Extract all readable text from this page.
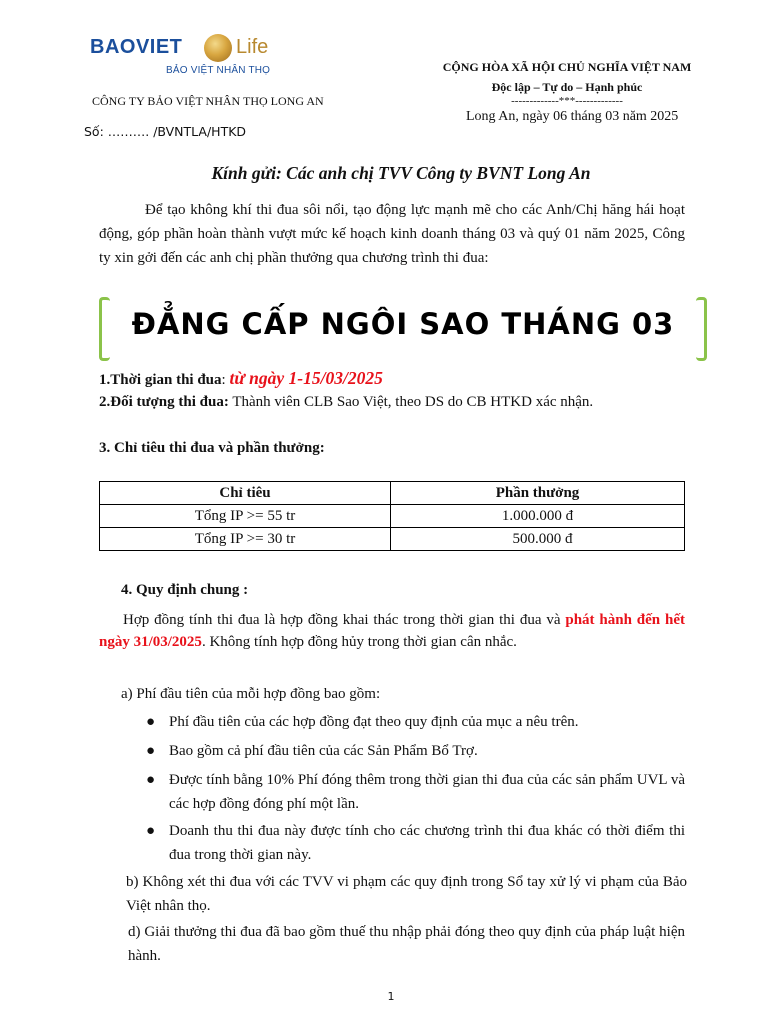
BAOVIET	Life
BẢO VIỆT NHÂN THỌ
CÔNG TY BẢO VIỆT NHÂN THỌ LONG AN
Số: ………. /BVNTLA/HTKD
CỘNG HÒA XÃ HỘI CHỦ NGHĨA VIỆT NAM
Độc lập – Tự do – Hạnh phúc
-------------***-------------
Long An, ngày 06 tháng 03 năm 2025
Kính gửi: Các anh chị TVV Công ty BVNT Long An
Để tạo không khí thi đua sôi nổi, tạo động lực mạnh mẽ cho các Anh/Chị hăng hái hoạt động, góp phần hoàn thành vượt mức kế hoạch kinh doanh tháng 03 và quý 01 năm 2025, Công ty xin gởi đến các anh chị phần thưởng qua chương trình thi đua:
ĐẲNG CẤP NGÔI SAO THÁNG 03
1.Thời gian thi đua: từ ngày 1-15/03/2025
2.Đối tượng thi đua: Thành viên CLB Sao Việt, theo DS do CB HTKD xác nhận.
3. Chỉ tiêu thi đua và phần thưởng:
Chỉ tiêu	Phần thưởng
Tổng IP >= 55 tr	1.000.000 đ
Tổng IP >= 30 tr	500.000 đ
4. Quy định chung :
Hợp đồng tính thi đua là hợp đồng khai thác trong thời gian thi đua và phát hành đến hết ngày 31/03/2025. Không tính hợp đồng hủy trong thời gian cân nhắc.
a) Phí đầu tiên của mỗi hợp đồng bao gồm:
● Phí đầu tiên của các hợp đồng đạt theo quy định của mục a nêu trên.
● Bao gồm cả phí đầu tiên của các Sản Phẩm Bổ Trợ.
● Được tính bằng 10% Phí đóng thêm trong thời gian thi đua của các sản phẩm UVL và các hợp đồng đóng phí một lần.
● Doanh thu thi đua này được tính cho các chương trình thi đua khác có thời điểm thi đua trong thời gian này.
b) Không xét thi đua với các TVV vi phạm các quy định trong Sổ tay xử lý vi phạm của Bảo Việt nhân thọ.
d) Giải thưởng thi đua đã bao gồm thuế thu nhập phải đóng theo quy định của pháp luật hiện hành.
1
